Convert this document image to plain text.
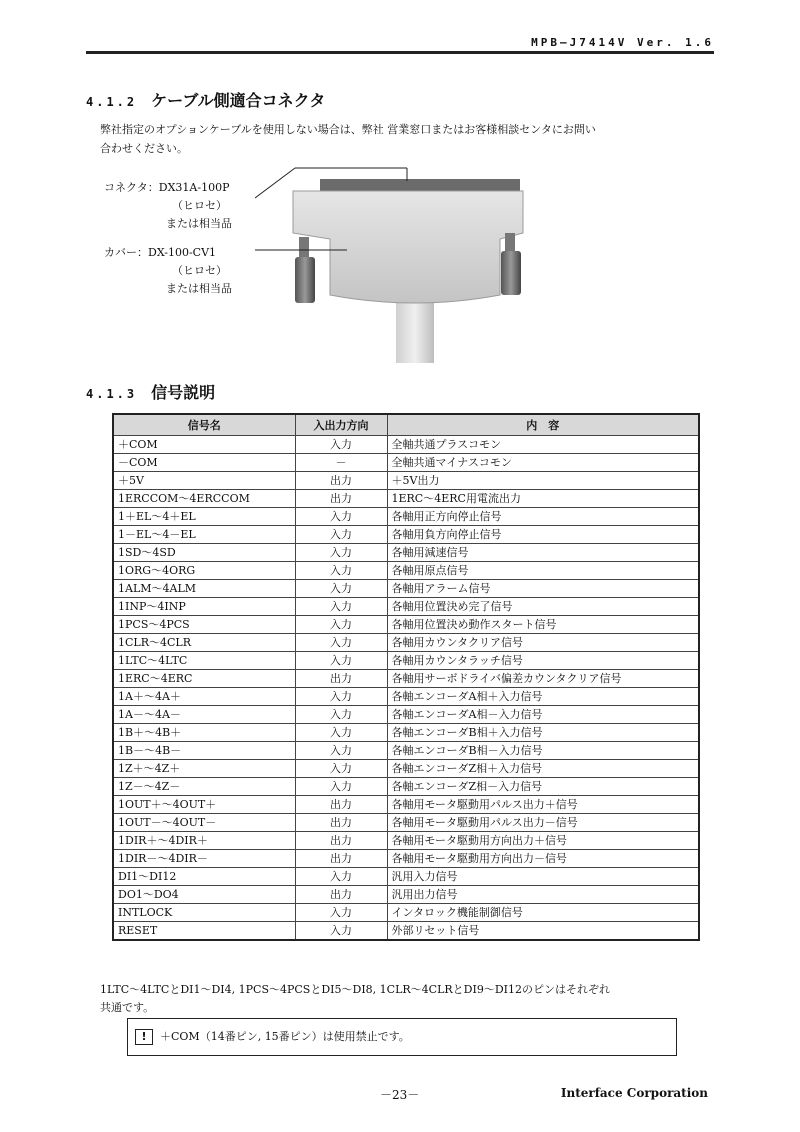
MPB—J7414V Ver. 1.6
4.1.2 ケーブル側適合コネクタ
弊社指定のオプションケーブルを使用しない場合は、弊社 営業窓口またはお客様相談センタにお問い
合わせください。
コネクタ：DX31A-100P
（ヒロセ）
または相当品
カバー：DX-100-CV1
（ヒロセ）
または相当品
4.1.3 信号説明
信号名	入出力方向	内　容
＋COM	入力	全軸共通プラスコモン
－COM	－	全軸共通マイナスコモン
＋5V	出力	＋5V出力
1ERCCOM～4ERCCOM	出力	1ERC～4ERC用電流出力
1＋EL～4＋EL	入力	各軸用正方向停止信号
1－EL～4－EL	入力	各軸用負方向停止信号
1SD～4SD	入力	各軸用減速信号
1ORG～4ORG	入力	各軸用原点信号
1ALM～4ALM	入力	各軸用アラーム信号
1INP～4INP	入力	各軸用位置決め完了信号
1PCS～4PCS	入力	各軸用位置決め動作スタート信号
1CLR～4CLR	入力	各軸用カウンタクリア信号
1LTC～4LTC	入力	各軸用カウンタラッチ信号
1ERC～4ERC	出力	各軸用サーボドライバ偏差カウンタクリア信号
1A＋～4A＋	入力	各軸エンコーダA相＋入力信号
1A－～4A－	入力	各軸エンコーダA相－入力信号
1B＋～4B＋	入力	各軸エンコーダB相＋入力信号
1B－～4B－	入力	各軸エンコーダB相－入力信号
1Z＋～4Z＋	入力	各軸エンコーダZ相＋入力信号
1Z－～4Z－	入力	各軸エンコーダZ相－入力信号
1OUT＋～4OUT＋	出力	各軸用モータ駆動用パルス出力＋信号
1OUT－～4OUT－	出力	各軸用モータ駆動用パルス出力－信号
1DIR＋～4DIR＋	出力	各軸用モータ駆動用方向出力＋信号
1DIR－～4DIR－	出力	各軸用モータ駆動用方向出力－信号
DI1～DI12	入力	汎用入力信号
DO1～DO4	出力	汎用出力信号
INTLOCK	入力	インタロック機能制御信号
RESET	入力	外部リセット信号
1LTC～4LTCとDI1～DI4, 1PCS～4PCSとDI5～DI8, 1CLR～4CLRとDI9～DI12のピンはそれぞれ
共通です。
!	＋COM（14番ピン, 15番ピン）は使用禁止です。
－23－	Interface Corporation
